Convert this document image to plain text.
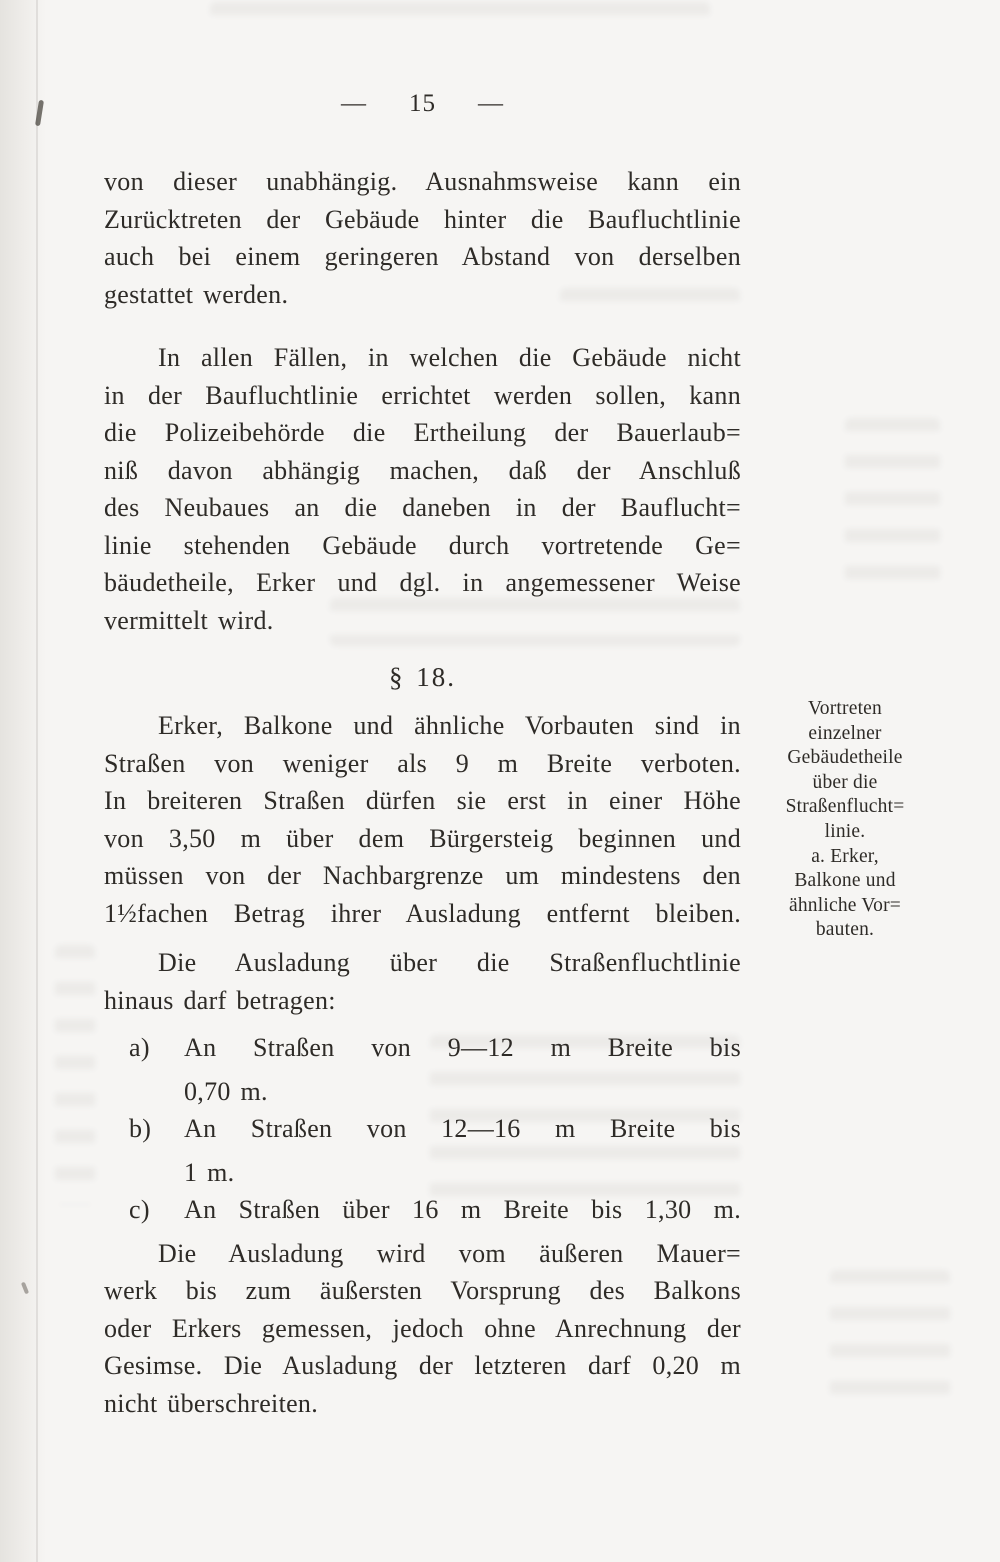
— 15 —
von dieser unabhängig. Ausnahmsweise kann ein
Zurücktreten der Gebäude hinter die Baufluchtlinie
auch bei einem geringeren Abstand von derselben
gestattet werden.
In allen Fällen, in welchen die Gebäude nicht
in der Baufluchtlinie errichtet werden sollen, kann
die Polizeibehörde die Ertheilung der Bauerlaub=
niß davon abhängig machen, daß der Anschluß
des Neubaues an die daneben in der Bauflucht=
linie stehenden Gebäude durch vortretende Ge=
bäudetheile, Erker und dgl. in angemessener Weise
vermittelt wird.
§ 18.
Erker, Balkone und ähnliche Vorbauten sind in
Straßen von weniger als 9 m Breite verboten.
In breiteren Straßen dürfen sie erst in einer Höhe
von 3,50 m über dem Bürgersteig beginnen und
müssen von der Nachbargrenze um mindestens den
1½fachen Betrag ihrer Ausladung entfernt bleiben.
Die Ausladung über die Straßenfluchtlinie
hinaus darf betragen:
a)	An Straßen von 9—12 m Breite bis
0,70 m.
b)	An Straßen von 12—16 m Breite bis
1 m.
c)	An Straßen über 16 m Breite bis 1,30 m.
Die Ausladung wird vom äußeren Mauer=
werk bis zum äußersten Vorsprung des Balkons
oder Erkers gemessen, jedoch ohne Anrechnung der
Gesimse. Die Ausladung der letzteren darf 0,20 m
nicht überschreiten.
Vortreten
einzelner
Gebäudetheile
über die
Straßenflucht=
linie.
a. Erker,
Balkone und
ähnliche Vor=
bauten.
